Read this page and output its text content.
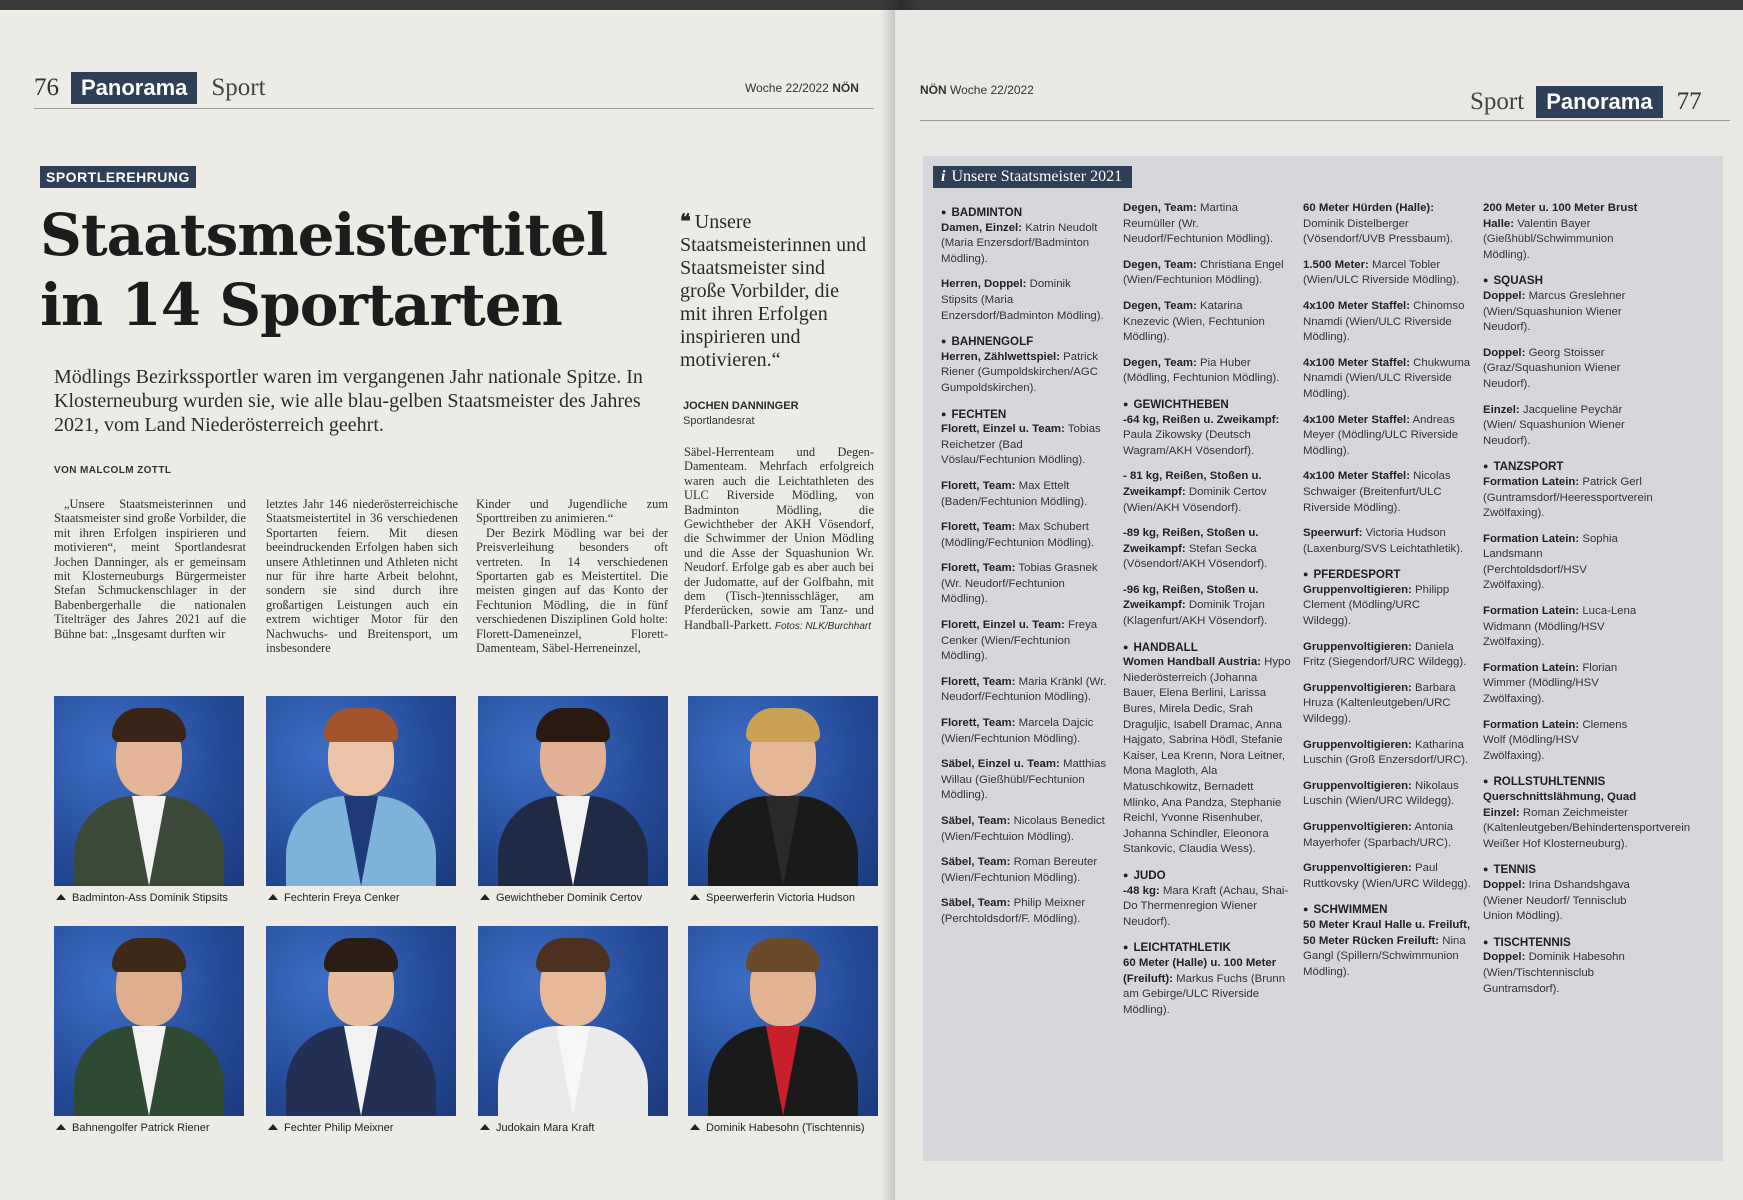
76	Panorama Sport	Woche 22/2022
NÖN
SPORTLEREHRUNG
Staatsmeistertitel
in 14 Sportarten
Mödlings Bezirkssportler waren im vergangenen Jahr nationale Spitze. In Klosterneuburg wurden sie, wie alle blau-gelben Staatsmeister des Jahres 2021, vom Land Niederösterreich geehrt.
VON MALCOLM ZOTTL
❝ Unsere Staatsmeisterinnen und Staatsmeister sind große Vorbilder, die mit ihren Erfolgen inspirieren und motivieren.“
JOCHEN DANNINGER
Sportlandesrat

„Unsere Staatsmeisterinnen und Staatsmeister sind große Vorbilder, die mit ihren Erfolgen inspirieren und motivieren“, meint Sportlandesrat Jochen Danninger, als er gemeinsam mit Klosterneuburgs Bürgermeister Stefan Schmuckenschlager in der Babenbergerhalle die nationalen Titelträger des Jahres 2021 auf die Bühne bat: „Insgesamt durften wir

letztes Jahr 146 niederösterreichische Staatsmeistertitel in 36 verschiedenen Sportarten feiern. Mit diesen beeindruckenden Erfolgen haben sich unsere Athletinnen und Athleten nicht nur für ihre harte Arbeit belohnt, sondern sie sind durch ihre großartigen Leistungen auch ein extrem wichtiger Motor für den Nachwuchs- und Breitensport, um insbesondere

Kinder und Jugendliche zum Sporttreiben zu animieren.“

Der Bezirk Mödling war bei der Preisverleihung besonders oft vertreten. In 14 verschiedenen Sportarten gab es Meistertitel. Die meisten gingen auf das Konto der Fechtunion Mödling, die in fünf verschiedenen Disziplinen Gold holte: Florett-Dameneinzel, Florett-Damenteam, Säbel-Herreneinzel,

Säbel-Herrenteam und Degen-Damenteam. Mehrfach erfolgreich waren auch die Leichtathleten des ULC Riverside Mödling, von Badminton Mödling, die Gewichtheber der AKH Vösendorf, die Schwimmer der Union Mödling und die Asse der Squashunion Wr. Neudorf. Erfolge gab es aber auch bei der Judomatte, auf der Golfbahn, mit dem (Tisch-)tennisschläger, am Pferderücken, sowie am Tanz- und Handball-Parkett. Fotos: NLK/Burchhart

Badminton-Ass Dominik Stipsits	Fechterin Freya Cenker	Gewichtheber Dominik Certov	Speerwerferin Victoria Hudson
Bahnengolfer Patrick Riener	Fechter Philip Meixner	Judokain Mara Kraft	Dominik Habesohn (Tischtennis)
NÖN
Woche 22/2022	Sport	Panorama 77
i Unsere Staatsmeister 2021
● BADMINTON
Damen, Einzel: Katrin Neudolt (Maria Enzersdorf/Badminton Mödling).
Herren, Doppel: Dominik Stipsits (Maria Enzersdorf/Badminton Mödling).
● BAHNENGOLF
Herren, Zählwettspiel: Patrick Riener (Gumpoldskirchen/AGC Gumpoldskirchen).
● FECHTEN
Florett, Einzel u. Team: Tobias Reichetzer (Bad Vöslau/Fechtunion Mödling).
Florett, Team: Max Ettelt (Baden/Fechtunion Mödling).
Florett, Team: Max Schubert (Mödling/Fechtunion Mödling).
Florett, Team: Tobias Grasnek (Wr. Neudorf/Fechtunion Mödling).
Florett, Einzel u. Team: Freya Cenker (Wien/Fechtunion Mödling).
Florett, Team: Maria Kränkl (Wr. Neudorf/Fechtunion Mödling).
Florett, Team: Marcela Dajcic (Wien/Fechtunion Mödling).
Säbel, Einzel u. Team: Matthias Willau (Gießhübl/Fechtunion Mödling).
Säbel, Team: Nicolaus Benedict (Wien/Fechtuion Mödling).
Säbel, Team: Roman Bereuter (Wien/Fechtunion Mödling).
Säbel, Team: Philip Meixner (Perchtoldsdorf/F. Mödling).
Degen, Team: Martina Reumüller (Wr. Neudorf/Fechtunion Mödling).
Degen, Team: Christiana Engel (Wien/Fechtunion Mödling).
Degen, Team: Katarina Knezevic (Wien, Fechtunion Mödling).
Degen, Team: Pia Huber (Mödling, Fechtunion Mödling).
● GEWICHTHEBEN
-64 kg, Reißen u. Zweikampf: Paula Zikowsky (Deutsch Wagram/AKH Vösendorf).
- 81 kg, Reißen, Stoßen u. Zweikampf: Dominik Certov (Wien/AKH Vösendorf).
-89 kg, Reißen, Stoßen u. Zweikampf: Stefan Secka (Vösendorf/AKH Vösendorf).
-96 kg, Reißen, Stoßen u. Zweikampf: Dominik Trojan (Klagenfurt/AKH Vösendorf).
● HANDBALL
Women Handball Austria: Hypo Niederösterreich (Johanna Bauer, Elena Berlini, Larissa Bures, Mirela Dedic, Srah Draguljic, Isabell Dramac, Anna Hajgato, Sabrina Hödl, Stefanie Kaiser, Lea Krenn, Nora Leitner, Mona Magloth, Ala Matuschkowitz, Bernadett Mlinko, Ana Pandza, Stephanie Reichl, Yvonne Risenhuber, Johanna Schindler, Eleonora Stankovic, Claudia Wess).
● JUDO
-48 kg: Mara Kraft (Achau, Shai-Do Thermenregion Wiener Neudorf).
● LEICHTATHLETIK
60 Meter (Halle) u. 100 Meter (Freiluft): Markus Fuchs (Brunn am Gebirge/ULC Riverside Mödling).
60 Meter Hürden (Halle): Dominik Distelberger (Vösendorf/UVB Pressbaum).
1.500 Meter: Marcel Tobler (Wien/ULC Riverside Mödling).
4x100 Meter Staffel: Chinomso Nnamdi (Wien/ULC Riverside Mödling).
4x100 Meter Staffel: Chukwuma Nnamdi (Wien/ULC Riverside Mödling).
4x100 Meter Staffel: Andreas Meyer (Mödling/ULC Riverside Mödling).
4x100 Meter Staffel: Nicolas Schwaiger (Breitenfurt/ULC Riverside Mödling).
Speerwurf: Victoria Hudson (Laxenburg/SVS Leichtathletik).
● PFERDESPORT
Gruppenvoltigieren: Philipp Clement (Mödling/URC Wildegg).
Gruppenvoltigieren: Daniela Fritz (Siegendorf/URC Wildegg).
Gruppenvoltigieren: Barbara Hruza (Kaltenleutgeben/URC Wildegg).
Gruppenvoltigieren: Katharina Luschin (Groß Enzersdorf/URC).
Gruppenvoltigieren: Nikolaus Luschin (Wien/URC Wildegg).
Gruppenvoltigieren: Antonia Mayerhofer (Sparbach/URC).
Gruppenvoltigieren: Paul Ruttkovsky (Wien/URC Wildegg).
● SCHWIMMEN
50 Meter Kraul Halle u. Freiluft, 50 Meter Rücken Freiluft: Nina Gangl (Spillern/Schwimmunion Mödling).
200 Meter u. 100 Meter Brust Halle: Valentin Bayer (Gießhübl/Schwimmunion Mödling).
● SQUASH
Doppel: Marcus Greslehner (Wien/Squashunion Wiener Neudorf).
Doppel: Georg Stoisser (Graz/Squashunion Wiener Neudorf).
Einzel: Jacqueline Peychär (Wien/ Squashunion Wiener Neudorf).
● TANZSPORT
Formation Latein: Patrick Gerl (Guntramsdorf/Heeressportverein Zwölfaxing).
Formation Latein: Sophia Landsmann (Perchtoldsdorf/HSV Zwölfaxing).
Formation Latein: Luca-Lena Widmann (Mödling/HSV Zwölfaxing).
Formation Latein: Florian Wimmer (Mödling/HSV Zwölfaxing).
Formation Latein: Clemens Wolf (Mödling/HSV Zwölfaxing).
● ROLLSTUHLTENNIS
Querschnittslähmung, Quad Einzel: Roman Zeichmeister (Kaltenleutgeben/Behindertensportverein Weißer Hof Klosterneuburg).
● TENNIS
Doppel: Irina Dshandshgava (Wiener Neudorf/ Tennisclub Union Mödling).
● TISCHTENNIS
Doppel: Dominik Habesohn (Wien/Tischtennisclub Guntramsdorf).
